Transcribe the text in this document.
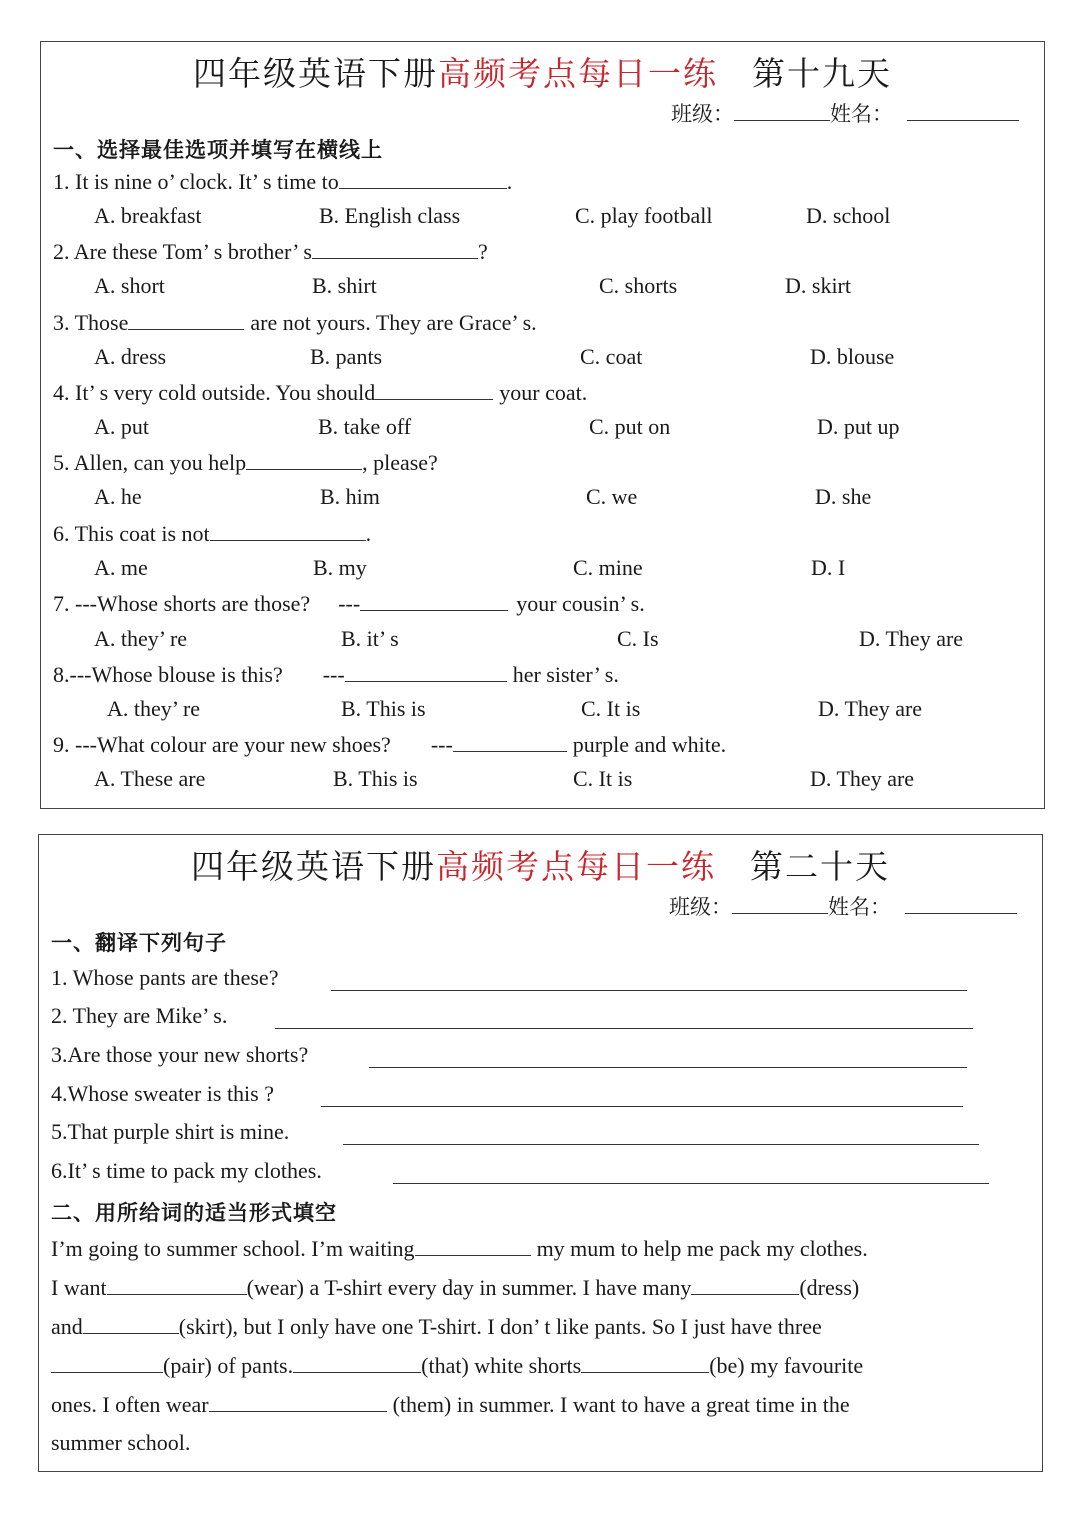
四年级英语下册高频考点每日一练 第十九天
班级：	姓名：
一、选择最佳选项并填写在横线上
1. It is nine o’ clock. It’ s time to	.
A. breakfast	B. English class	C. play football	D. school
2. Are these Tom’ s brother’ s	?
A. short	B. shirt	C. shorts	D. skirt
3. Those	are not yours. They are Grace’ s.
A. dress	B. pants	C. coat	D. blouse
4. It’ s very cold outside. You should	your coat.
A. put	B. take off	C. put on	D. put up
5. Allen, can you help	, please?
A. he	B. him	C. we	D. she
6. This coat is not	.
A. me	B. my	C. mine	D. I
7. ---Whose shorts are those? ---	your cousin’ s.
A. they’ re	B. it’ s	C. Is	D. They are
8.---Whose blouse is this? ---	her sister’ s.
A. they’ re	B. This is	C. It is	D. They are
9. ---What colour are your new shoes? ---	purple and white.
A. These are	B. This is	C. It is	D. They are
四年级英语下册高频考点每日一练 第二十天
班级：	姓名：
一、翻译下列句子
1. Whose pants are these?
2. They are Mike’ s.
3.Are those your new shorts?
4.Whose sweater is this ?
5.That purple shirt is mine.
6.It’ s time to pack my clothes.
二、用所给词的适当形式填空
I’m going to summer school. I’m waiting	my mum to help me pack my clothes.
I want	(wear) a T-shirt every day in summer. I have many	(dress)
and	(skirt), but I only have one T-shirt. I don’ t like pants. So I just have three
(pair) of pants.	(that) white shorts	(be) my favourite
ones. I often wear	(them) in summer. I want to have a great time in the
summer school.
